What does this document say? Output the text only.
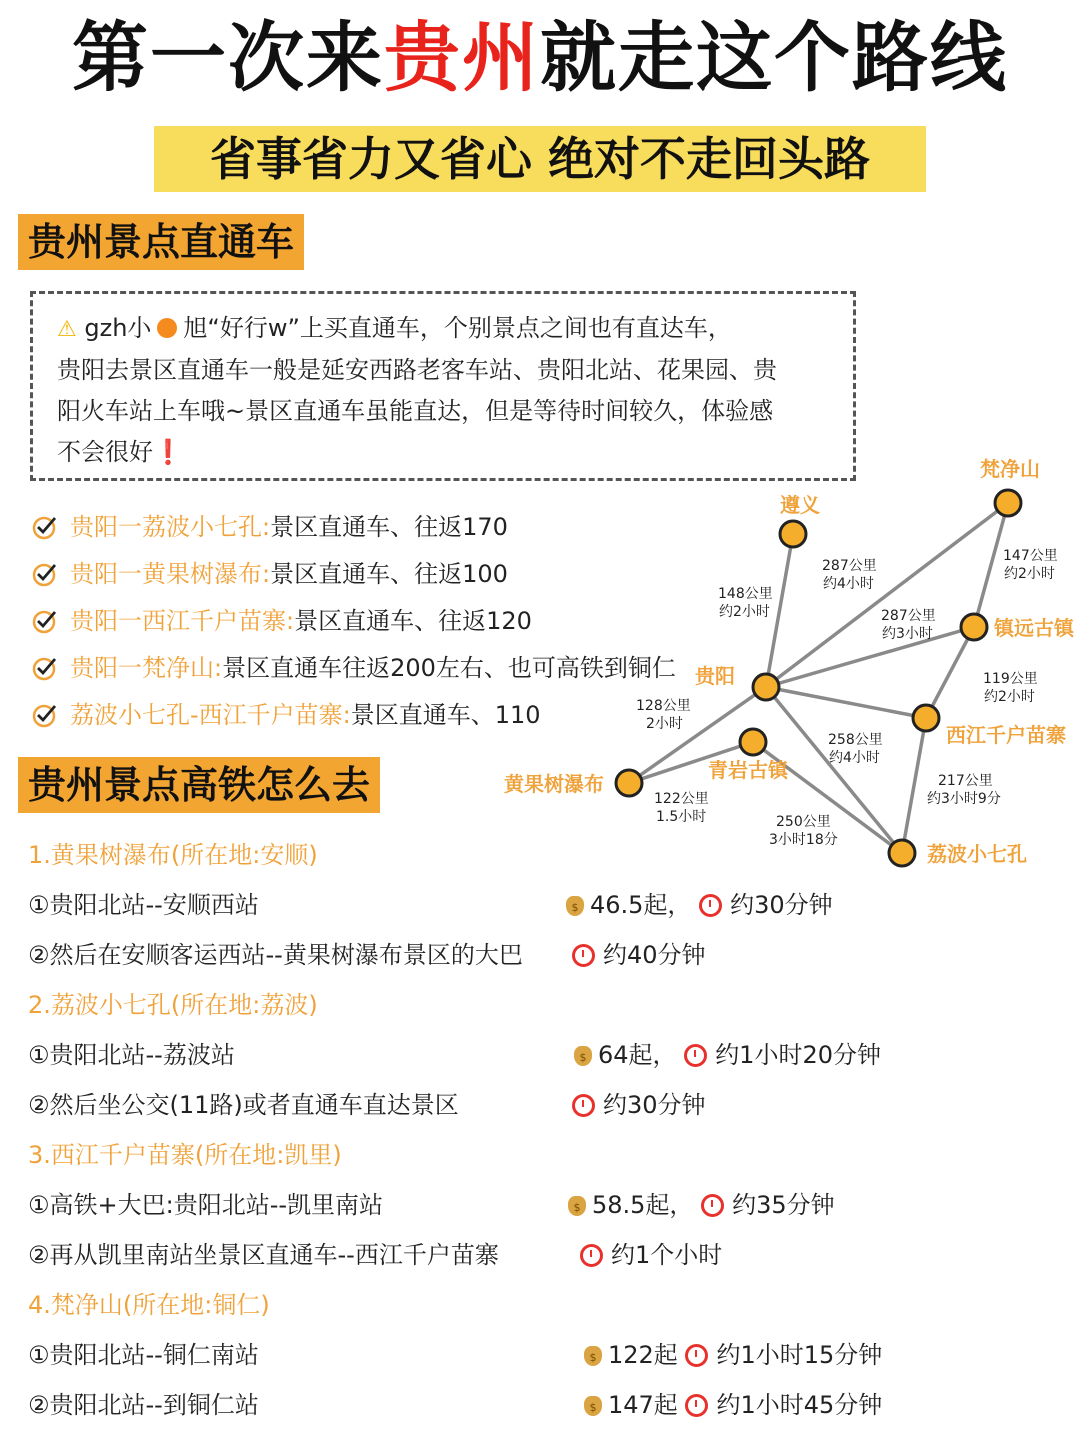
第一次来贵州就走这个路线
省事省力又省心 绝对不走回头路
贵州景点直通车

⚠ gzh小 旭“好行w”上买直通车，个别景点之间也有直达车，

贵阳去景区直通车一般是延安西路老客车站、贵阳北站、花果园、贵

阳火车站上车哦~景区直通车虽能直达，但是等待时间较久，体验感

不会很好❗

贵阳一荔波小七孔:景区直通车、往返170
贵阳一黄果树瀑布:景区直通车、往返100
贵阳一西江千户苗寨:景区直通车、往返120
贵阳一梵净山:景区直通车往返200左右、也可高铁到铜仁
荔波小七孔-西江千户苗寨:景区直通车、110
遵义
梵净山
镇远古镇
贵阳
西江千户苗寨
青岩古镇
黄果树瀑布
荔波小七孔
148公里
约2小时
287公里
约4小时
287公里
约3小时
147公里
约2小时
119公里
约2小时
128公里
2小时
122公里
1.5小时
258公里
约4小时
217公里
约3小时9分
250公里
3小时18分
贵州景点高铁怎么去
1.黄果树瀑布(所在地:安顺)
①贵阳北站--安顺西站 $	46.5起， 约30分钟
②然后在安顺客运西站--黄果树瀑布景区的大巴	约40分钟
2.荔波小七孔(所在地:荔波)
①贵阳北站--荔波站 $	64起， 约1小时20分钟
②然后坐公交(11路)或者直通车直达景区	约30分钟
3.西江千户苗寨(所在地:凯里)
①高铁+大巴:贵阳北站--凯里南站 $	58.5起， 约35分钟
②再从凯里南站坐景区直通车--西江千户苗寨	约1个小时
4.梵净山(所在地:铜仁)
①贵阳北站--铜仁南站 $	122起 约1小时15分钟
②贵阳北站--到铜仁站 $	147起 约1小时45分钟
